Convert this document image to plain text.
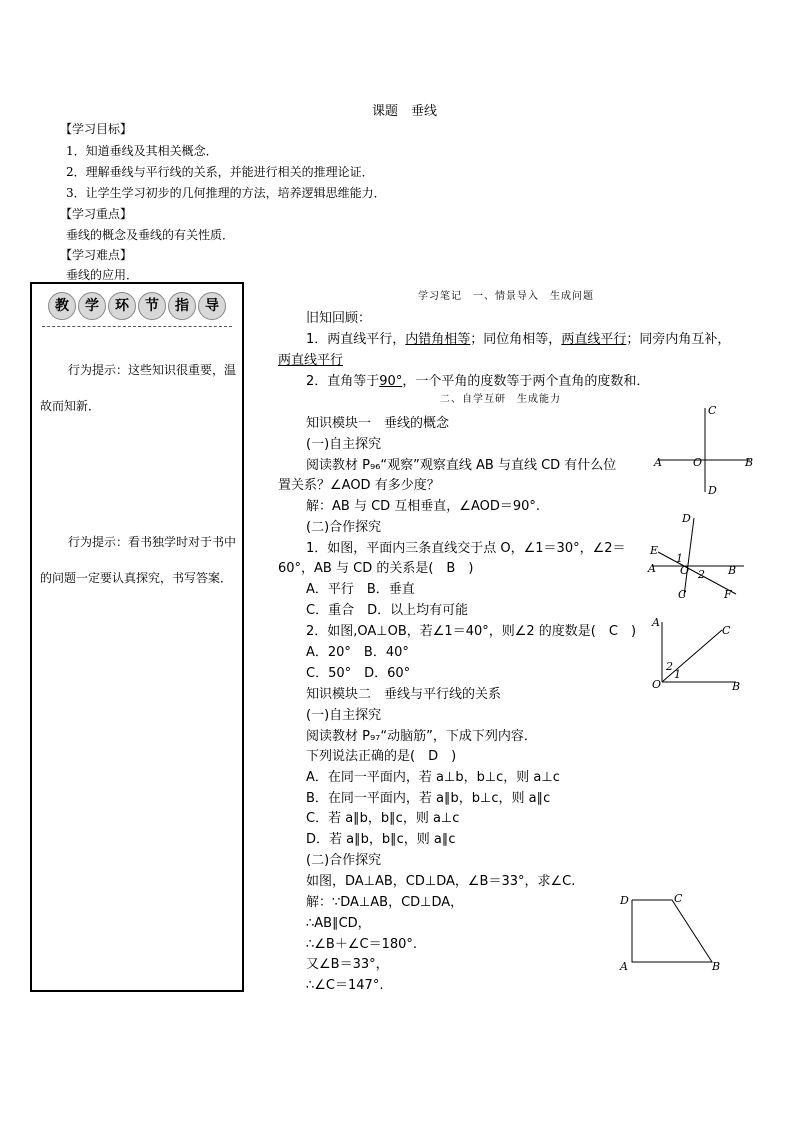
课题　垂线
【学习目标】
1．知道垂线及其相关概念．
2．理解垂线与平行线的关系，并能进行相关的推理论证．
3．让学生学习初步的几何推理的方法，培养逻辑思维能力．
【学习重点】
垂线的概念及垂线的有关性质．
【学习难点】
垂线的应用．
教 学 环 节 指 导
行为提示：这些知识很重要，温故而知新．
行为提示：看书独学时对于书中的问题一定要认真探究，书写答案．
学习笔记　一、情景导入　生成问题
旧知回顾：
1．两直线平行，内错角相等；同位角相等，两直线平行；同旁内角互补，
两直线平行
2．直角等于90°，一个平角的度数等于两个直角的度数和．
二、自学互研　生成能力
知识模块一　垂线的概念
(一)自主探究
阅读教材 P₉₆“观察”观察直线 AB 与直线 CD 有什么位
置关系？∠AOD 有多少度？
解：AB 与 CD 互相垂直，∠AOD＝90°.
(二)合作探究
1．如图，平面内三条直线交于点 O，∠1＝30°，∠2＝
60°，AB 与 CD 的关系是(　B　)
A．平行　B．垂直
C．重合　D．以上均有可能
2．如图,OA⊥OB，若∠1＝40°，则∠2 的度数是(　C　)
A．20°　B．40°
C．50°　D．60°
知识模块二　垂线与平行线的关系
(一)自主探究
阅读教材 P₉₇“动脑筋”，下成下列内容．
下列说法正确的是(　D　)
A．在同一平面内，若 a⊥b，b⊥c，则 a⊥c
B．在同一平面内，若 a∥b，b⊥c，则 a∥c
C．若 a∥b，b∥c，则 a⊥c
D．若 a∥b，b∥c，则 a∥c
(二)合作探究
如图，DA⊥AB，CD⊥DA，∠B＝33°，求∠C.
解：∵DA⊥AB，CD⊥DA，
∴AB∥CD，
∴∠B＋∠C＝180°.
又∠B＝33°，
∴∠C＝147°.
C
A	O	B
D
D
E
1
A O 2 B
C	F
A
C
2
1
O	B
D	C
A	B
